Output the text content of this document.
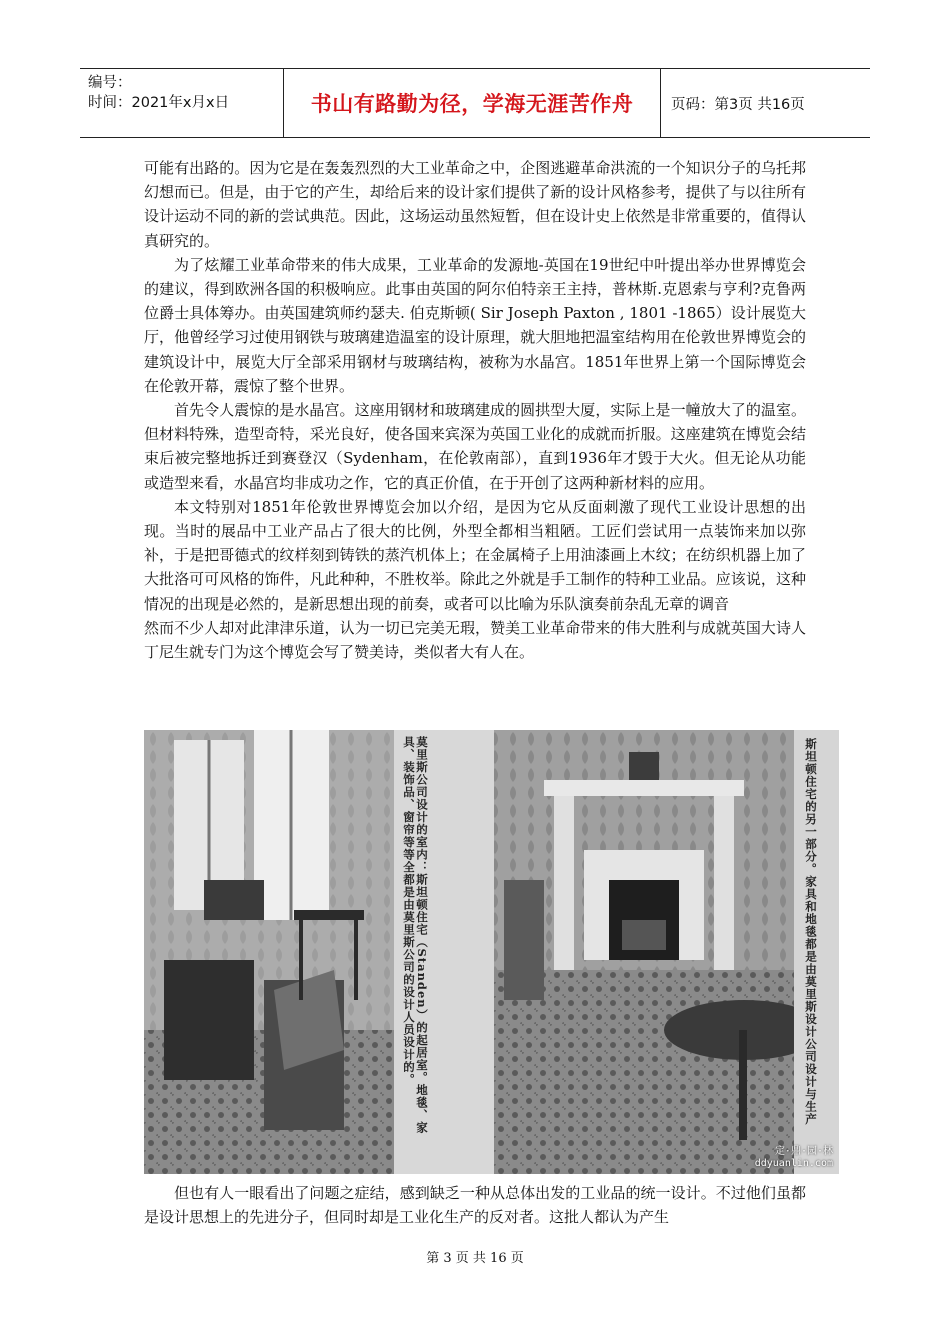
编号：
时间：2021年x月x日	书山有路勤为径，学海无涯苦作舟	页码：第3页 共16页

可能有出路的。因为它是在轰轰烈烈的大工业革命之中，企图逃避革命洪流的一个知识分子的乌托邦幻想而已。但是，由于它的产生，却给后来的设计家们提供了新的设计风格参考，提供了与以往所有设计运动不同的新的尝试典范。因此，这场运动虽然短暂，但在设计史上依然是非常重要的，值得认真研究的。

为了炫耀工业革命带来的伟大成果，工业革命的发源地-英国在19世纪中叶提出举办世界博览会的建议，得到欧洲各国的积极响应。此事由英国的阿尔伯特亲王主持，普林斯.克恩索与亨利?克鲁两位爵士具体筹办。由英国建筑师约瑟夫. 伯克斯顿( Sir Joseph Paxton , 1801 -1865）设计展览大厅，他曾经学习过使用钢铁与玻璃建造温室的设计原理，就大胆地把温室结构用在伦敦世界博览会的建筑设计中，展览大厅全部采用钢材与玻璃结构，被称为水晶宫。1851年世界上第一个国际博览会在伦敦开幕，震惊了整个世界。

首先令人震惊的是水晶宫。这座用钢材和玻璃建成的圆拱型大厦，实际上是一幢放大了的温室。但材料特殊，造型奇特，采光良好，使各国来宾深为英国工业化的成就而折服。这座建筑在博览会结束后被完整地拆迁到赛登汉（Sydenham，在伦敦南部），直到1936年才毁于大火。但无论从功能或造型来看，水晶宫均非成功之作，它的真正价值，在于开创了这两种新材料的应用。

本文特别对1851年伦敦世界博览会加以介绍，是因为它从反面刺激了现代工业设计思想的出现。当时的展品中工业产品占了很大的比例，外型全都相当粗陋。工匠们尝试用一点装饰来加以弥补，于是把哥德式的纹样刻到铸铁的蒸汽机体上；在金属椅子上用油漆画上木纹；在纺织机器上加了大批洛可可风格的饰件，凡此种种，不胜枚举。除此之外就是手工制作的特种工业品。应该说，这种情况的出现是必然的，是新思想出现的前奏，或者可以比喻为乐队演奏前杂乱无章的调音

然而不少人却对此津津乐道，认为一切已完美无瑕，赞美工业革命带来的伟大胜利与成就英国大诗人丁尼生就专门为这个博览会写了赞美诗，类似者大有人在。

莫里斯公司设计的室内：斯坦顿住宅（Standen）的起居室。地毯、家具、装饰品、窗帘等等全都是由莫里斯公司的设计人员设计的。	斯坦顿住宅的另一部分。家具和地毯都是由莫里斯设计公司设计与生产
定·鼎·园·林
ddyuanlin.com

但也有人一眼看出了问题之症结，感到缺乏一种从总体出发的工业品的统一设计。不过他们虽都是设计思想上的先进分子，但同时却是工业化生产的反对者。这批人都认为产生

第 3 页 共 16 页
